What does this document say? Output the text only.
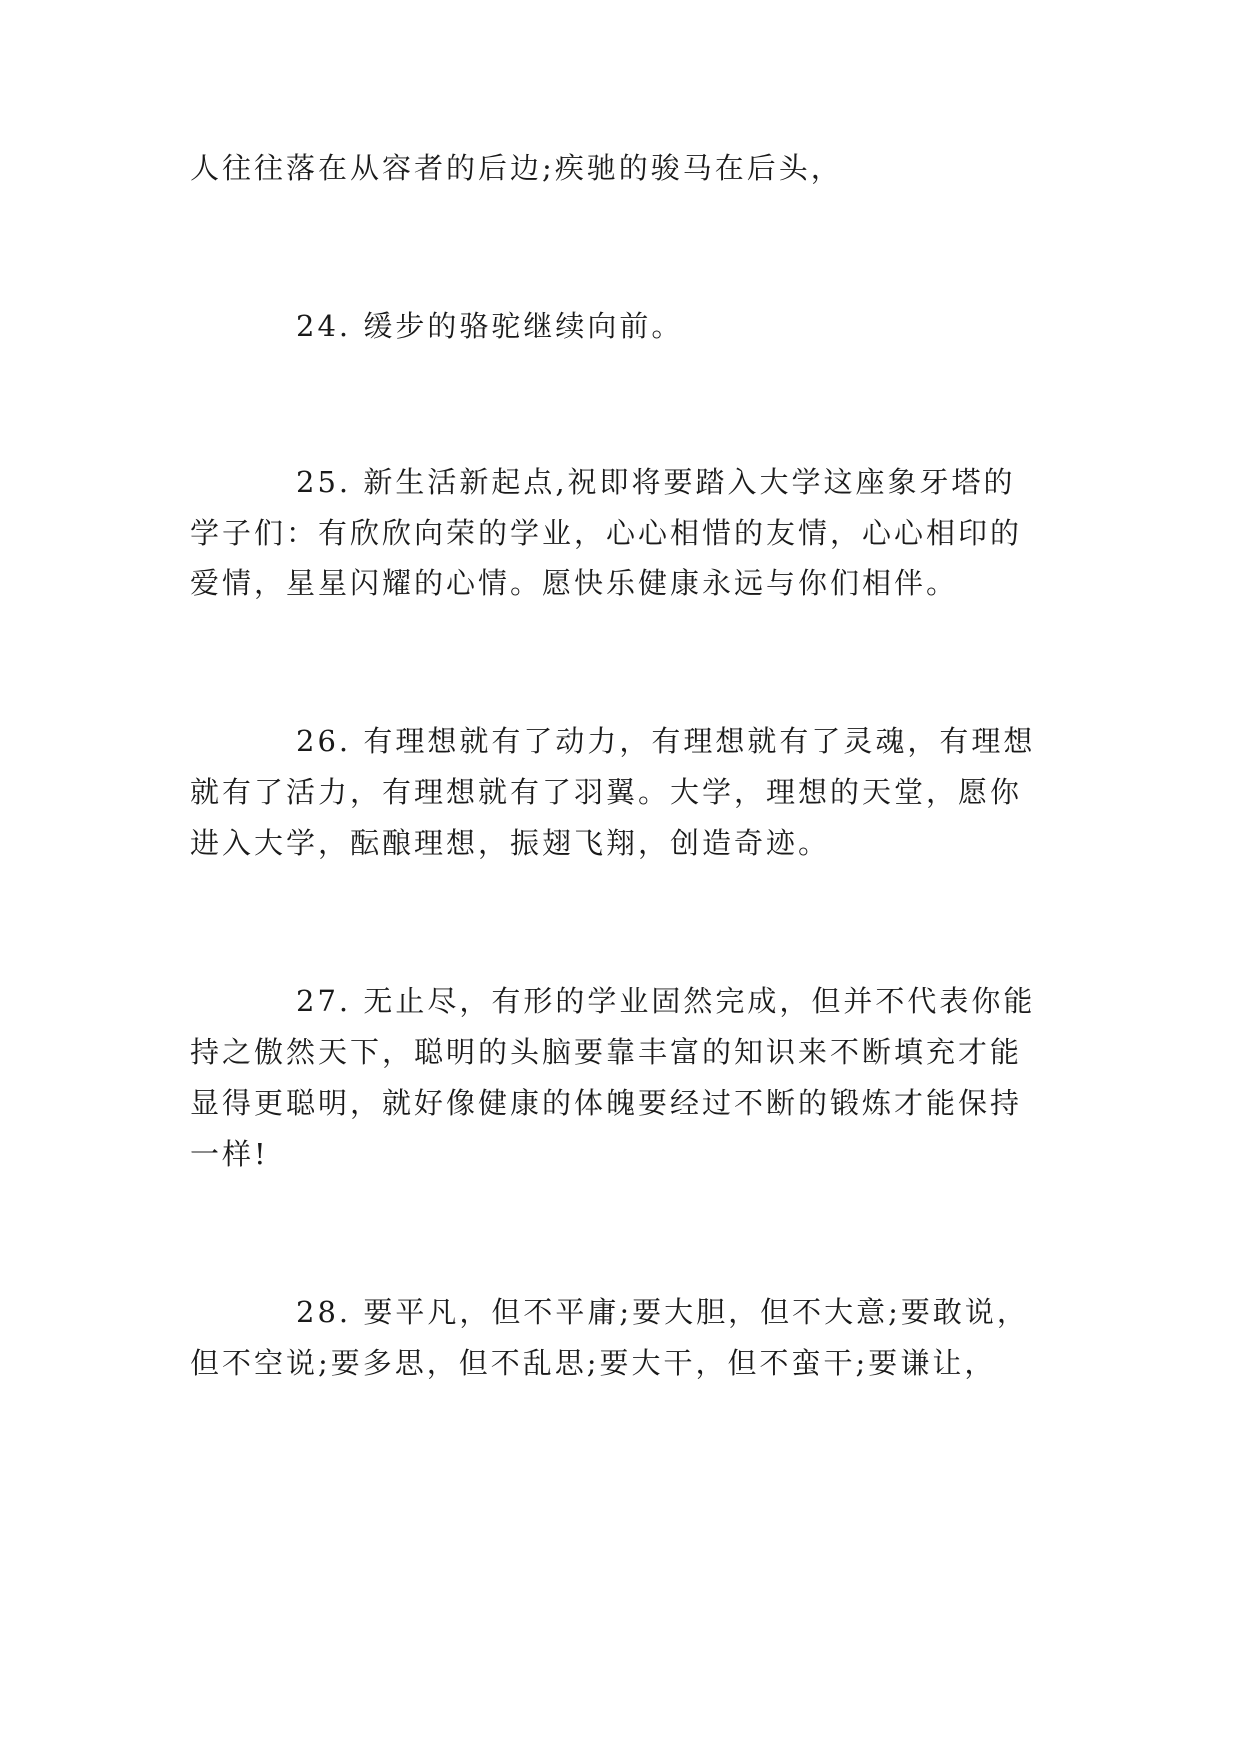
人往往落在从容者的后边;疾驰的骏马在后头，
24. 缓步的骆驼继续向前。
25. 新生活新起点,祝即将要踏入大学这座象牙塔的
学子们：有欣欣向荣的学业，心心相惜的友情，心心相印的
爱情，星星闪耀的心情。愿快乐健康永远与你们相伴。
26. 有理想就有了动力，有理想就有了灵魂，有理想
就有了活力，有理想就有了羽翼。大学，理想的天堂，愿你
进入大学，酝酿理想，振翅飞翔，创造奇迹。
27. 无止尽，有形的学业固然完成，但并不代表你能
持之傲然天下，聪明的头脑要靠丰富的知识来不断填充才能
显得更聪明，就好像健康的体魄要经过不断的锻炼才能保持
一样!
28. 要平凡，但不平庸;要大胆，但不大意;要敢说，
但不空说;要多思，但不乱思;要大干，但不蛮干;要谦让，
